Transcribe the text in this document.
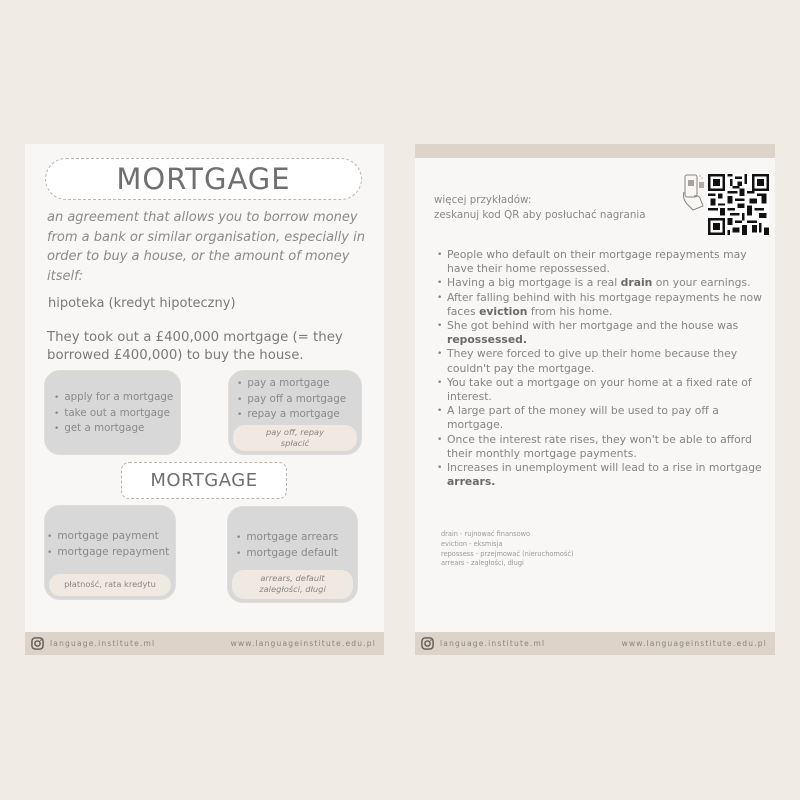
MORTGAGE
an agreement that allows you to borrow money from a bank or similar organisation, especially in order to buy a house, or the amount of money itself:
hipoteka (kredyt hipoteczny)
They took out a £400,000 mortgage (= they borrowed £400,000) to buy the house.
• apply for a mortgage
• take out a mortgage
• get a mortgage
• pay a mortgage
• pay off a mortgage
• repay a mortgage
pay off, repay
spłacić
MORTGAGE
• mortgage payment
• mortgage repayment
płatność, rata kredytu
• mortgage arrears
• mortgage default
arrears, default
zaległości, długi
language.institute.ml	www.languageinstitute.edu.pl
więcej przykładów:
zeskanuj kod QR aby posłuchać nagrania
• People who default on their mortgage repayments may have their home repossessed.
• Having a big mortgage is a real drain on your earnings.
• After falling behind with his mortgage repayments he now faces eviction from his home.
• She got behind with her mortgage and the house was repossessed.
• They were forced to give up their home because they couldn't pay the mortgage.
• You take out a mortgage on your home at a fixed rate of interest.
• A large part of the money will be used to pay off a mortgage.
• Once the interest rate rises, they won't be able to afford their monthly mortgage payments.
• Increases in unemployment will lead to a rise in mortgage arrears.
drain - rujnować finansowo
eviction - eksmisja
repossess - przejmować (nieruchomość)
arrears - zaległości, długi
language.institute.ml	www.languageinstitute.edu.pl
